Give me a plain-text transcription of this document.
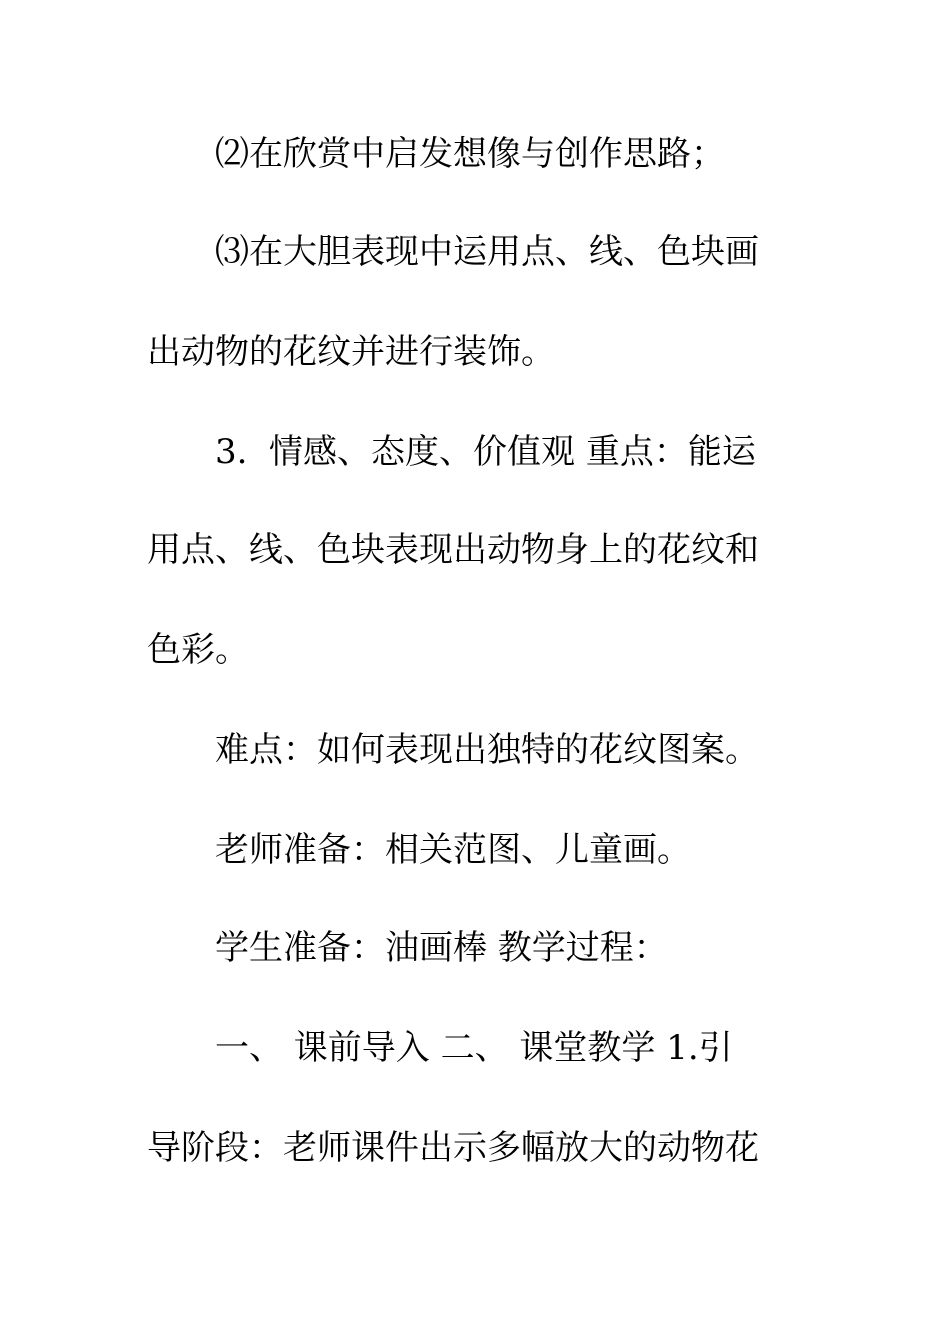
⑵在欣赏中启发想像与创作思路；
⑶在大胆表现中运用点、线、色块画
出动物的花纹并进行装饰。
3.  情感、态度、价值观 重点：能运
用点、线、色块表现出动物身上的花纹和
色彩。
难点：如何表现出独特的花纹图案。
老师准备：相关范图、儿童画。
学生准备：油画棒 教学过程：
一、 课前导入 二、 课堂教学 1.引
导阶段：老师课件出示多幅放大的动物花
